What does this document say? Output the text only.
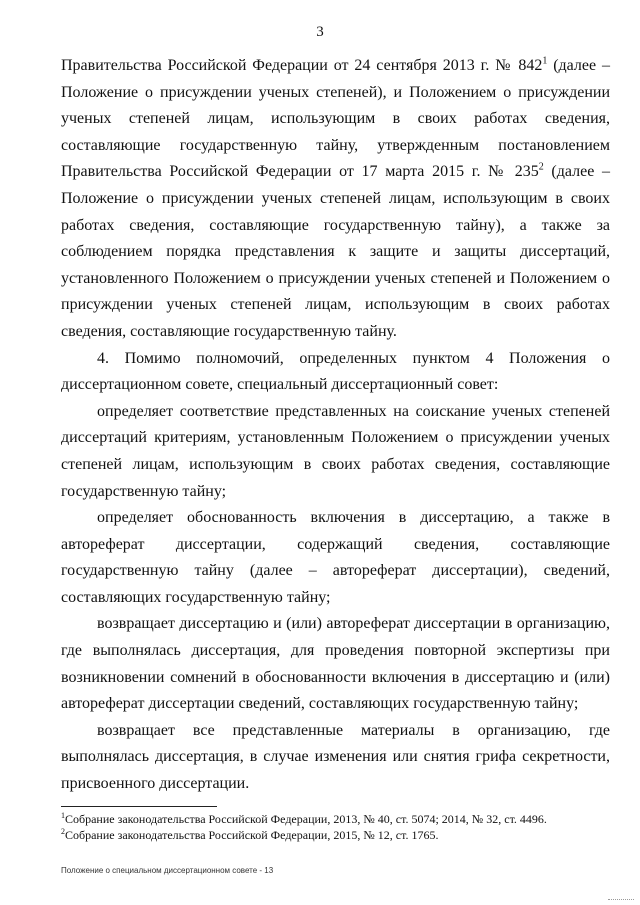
3

Правительства Российской Федерации от 24 сентября 2013 г. № $842^1$ (далее – Положение о присуждении ученых степеней), и Положением о присуждении ученых степеней лицам, использующим в своих работах сведения, составляющие государственную тайну, утвержденным постановлением Правительства Российской Федерации от 17 марта 2015 г. № $235^2$ (далее – Положение о присуждении ученых степеней лицам, использующим в своих работах сведения, составляющие государственную тайну), а также за соблюдением порядка представления к защите и защиты диссертаций, установленного Положением о присуждении ученых степеней и Положением о присуждении ученых степеней лицам, использующим в своих работах сведения, составляющие государственную тайну.

4. Помимо полномочий, определенных пунктом 4 Положения о диссертационном совете, специальный диссертационный совет:

определяет соответствие представленных на соискание ученых степеней диссертаций критериям, установленным Положением о присуждении ученых степеней лицам, использующим в своих работах сведения, составляющие государственную тайну;

определяет обоснованность включения в диссертацию, а также в автореферат диссертации, содержащий сведения, составляющие государственную тайну (далее – автореферат диссертации), сведений, составляющих государственную тайну;

возвращает диссертацию и (или) автореферат диссертации в организацию, где выполнялась диссертация, для проведения повторной экспертизы при возникновении сомнений в обоснованности включения в диссертацию и (или) автореферат диссертации сведений, составляющих государственную тайну;

возвращает все представленные материалы в организацию, где выполнялась диссертация, в случае изменения или снятия грифа секретности, присвоенного диссертации.

$^1$Собрание законодательства Российской Федерации, 2013, № 40, ст. 5074; 2014, № 32, ст. 4496.

$^2$Собрание законодательства Российской Федерации, 2015, № 12, ст. 1765.

Положение о специальном диссертационном совете - 13
